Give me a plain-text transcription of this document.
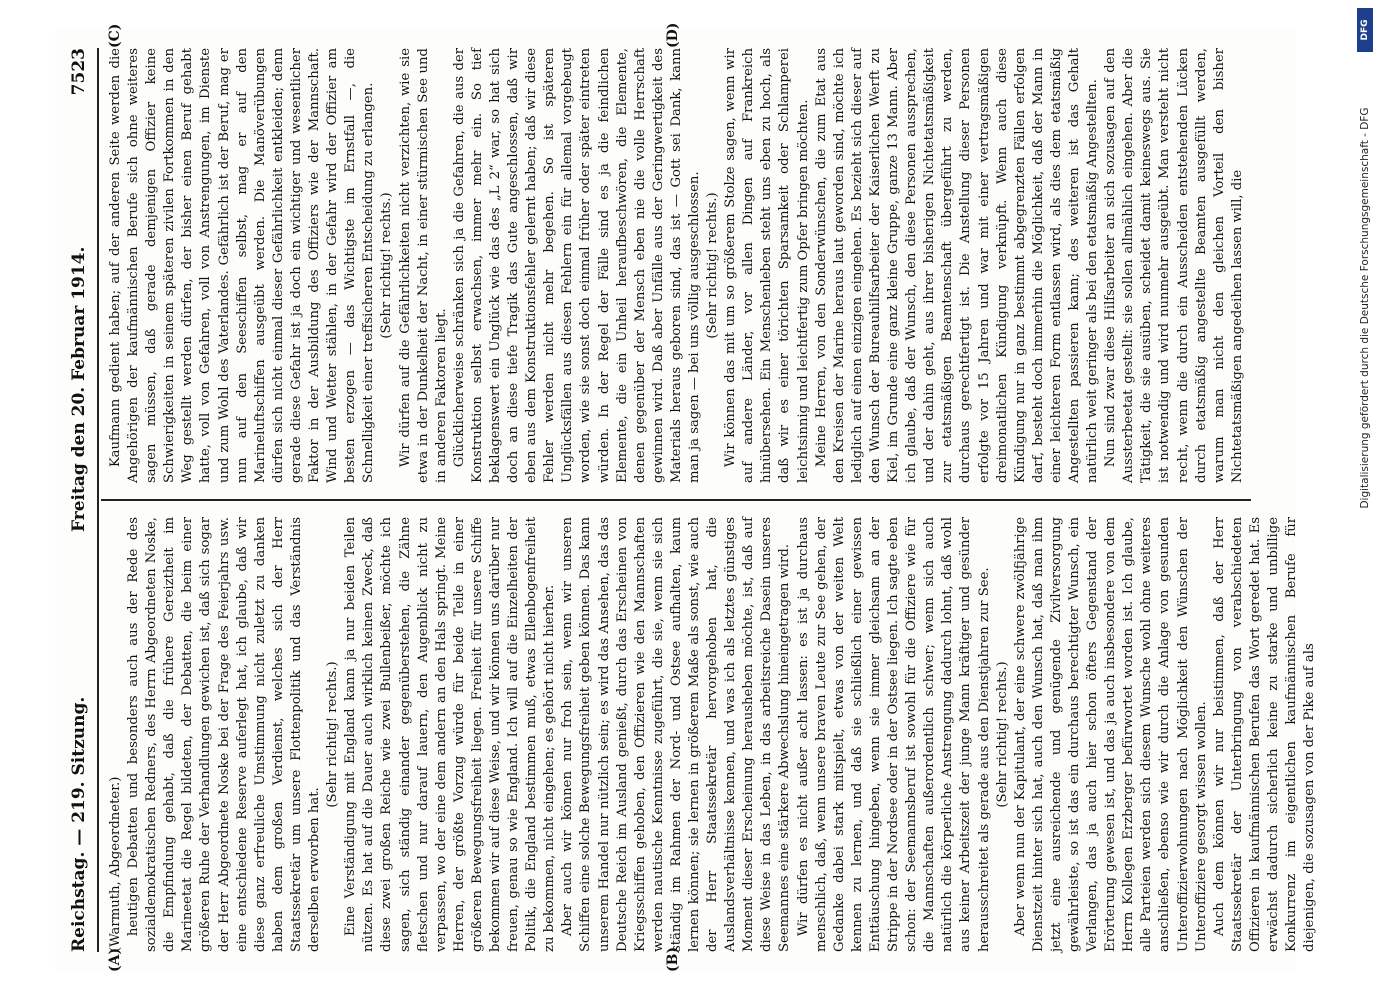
Reichstag. — 219. Sitzung.
Freitag den 20. Februar 1914.
7523
(A)	(B)
(C)	(D)

(Warmuth, Abgeordneter.) heutigen Debatten und besonders auch aus der Rede des sozialdemokratischen Redners, des Herrn Abgeordneten Noske, die Empfindung gehabt, daß die frühere Gereiztheit im Marineetat die Regel bildeten, der Debatten, die beim einer größeren Ruhe der Verhandlungen gewichen ist, daß sich sogar der Herr Abgeordnete Noske bei der Frage des Feierjahrs usw. eine entschiedene Reserve auferlegt hat, ich glaube, daß wir diese ganz erfreuliche Umstimmung nicht zuletzt zu danken haben dem großen Verdienst, welches sich der Herr Staatssekretär um unsere Flottenpolitik und das Verständnis derselben erworben hat.

(Sehr richtig! rechts.) Eine Verständigung mit England kann ja nur beiden Teilen nützen. Es hat auf die Dauer auch wirklich keinen Zweck, daß diese zwei großen Reiche wie zwei Bullenbeißer, möchte ich sagen, sich ständig einander gegenüberstehen, die Zähne fletschen und nur darauf lauern, den Augenblick nicht zu verpassen, wo der eine dem andern an den Hals springt. Meine Herren, der größte Vorzug würde für beide Teile in einer größeren Bewegungsfreiheit liegen. Freiheit für unsere Schiffe bekommen wir auf diese Weise, und wir können uns darüber nur freuen, genau so wie England. Ich will auf die Einzelheiten der Politik, die England bestimmen muß, etwas Ellenbogenfreiheit zu bekommen, nicht eingehen; es gehört nicht hierher. Aber auch wir können nur froh sein, wenn wir unseren Schiffen eine solche Bewegungsfreiheit geben können. Das kann unserem Handel nur nützlich sein; es wird das Ansehen, das das Deutsche Reich im Ausland genießt, durch das Erscheinen von Kriegsschiffen gehoben, den Offizieren wie den Mannschaften werden nautische Kenntnisse zugeführt, die sie, wenn sie sich ständig im Rahmen der Nord- und Ostsee aufhalten, kaum lernen können; sie lernen in größerem Maße als sonst, wie auch der Herr Staatssekretär hervorgehoben hat, die Auslandsverhältnisse kennen, und was ich als letztes günstiges Moment dieser Erscheinung herausheben möchte, ist, daß auf diese Weise in das Leben, in das arbeitsreiche Dasein unseres Seemannes eine stärkere Abwechslung hineingetragen wird. Wir dürfen es nicht außer acht lassen: es ist ja durchaus menschlich, daß, wenn unsere braven Leute zur See gehen, der Gedanke dabei stark mitspielt, etwas von der weiten Welt kennen zu lernen, und daß sie schließlich einer gewissen Enttäuschung hingeben, wenn sie immer gleichsam an der Strippe in der Nordsee oder in der Ostsee liegen. Ich sagte eben schon: der Seemannsberuf ist sowohl für die Offiziere wie für die Mannschaften außerordentlich schwer; wenn sich auch natürlich die körperliche Anstrengung dadurch lohnt, daß wohl aus keiner Arbeitszeit der junge Mann kräftiger und gesünder herausschreitet als gerade aus den Dienstjahren zur See. (Sehr richtig! rechts.) Aber wenn nun der Kapitulant, der eine schwere zwölfjährige Dienstzeit hinter sich hat, auch den Wunsch hat, daß man ihm jetzt eine ausreichende und genügende Zivilversorgung gewährleiste, so ist das ein durchaus berechtigter Wunsch, ein Verlangen, das ja auch hier schon öfters Gegenstand der Erörterung gewesen ist, und das ja auch insbesondere von dem Herrn Kollegen Erzberger befürwortet worden ist. Ich glaube, alle Parteien werden sich diesem Wunsche wohl ohne weiteres anschließen, ebenso wie wir durch die Anlage von gesunden Unteroffizierwohnungen nach Möglichkeit den Wünschen der Unteroffiziere gesorgt wissen wollen. Auch dem können wir nur beistimmen, daß der Herr Staatssekretär der Unterbringung von verabschiedeten Offizieren in kaufmännischen Berufen das Wort geredet hat. Es erwächst dadurch sicherlich keine zu starke und unbillige Konkurrenz im eigentlichen kaufmännischen Berufe für diejenigen, die sozusagen von der Pike auf als

Kaufmann gedient haben; auf der anderen Seite werden die Angehörigen der kaufmännischen Berufe sich ohne weiteres sagen müssen, daß gerade demjenigen Offizier keine Schwierigkeiten in seinem späteren zivilen Fortkommen in den Weg gestellt werden dürfen, der bisher einen Beruf gehabt hatte, voll von Gefahren, voll von Anstrengungen, im Dienste und zum Wohl des Vaterlandes. Gefährlich ist der Beruf, mag er nun auf den Seeschiffen selbst, mag er auf den Marineluftschiffen ausgeübt werden. Die Manöverübungen dürfen sich nicht einmal dieser Gefährlichkeit entkleiden; denn gerade diese Gefahr ist ja doch ein wichtiger und wesentlicher Faktor in der Ausbildung des Offiziers wie der Mannschaft. Wind und Wetter stählen, in der Gefahr wird der Offizier am besten erzogen — das Wichtigste im Ernstfall —, die Schnelligkeit einer treffsicheren Entscheidung zu erlangen. (Sehr richtig! rechts.) Wir dürfen auf die Gefährlichkeiten nicht verzichten, wie sie etwa in der Dunkelheit der Nacht, in einer stürmischen See und in anderen Faktoren liegt. Glücklicherweise schränken sich ja die Gefahren, die aus der Konstruktion selbst erwachsen, immer mehr ein. So tief beklagenswert ein Unglück wie das des „L 2“ war, so hat sich doch an diese tiefe Tragik das Gute angeschlossen, daß wir eben aus dem Konstruktionsfehler gelernt haben; daß wir diese Fehler werden nicht mehr begehen. So ist späteren Unglücksfällen aus diesen Fehlern ein für allemal vorgebeugt worden, wie sie sonst doch einmal früher oder später eintreten würden. In der Regel der Fälle sind es ja die feindlichen Elemente, die ein Unheil heraufbeschwören, die Elemente, denen gegenüber der Mensch eben nie die volle Herrschaft gewinnen wird. Daß aber Unfälle aus der Geringwertigkeit des Materials heraus geboren sind, das ist — Gott sei Dank, kann man ja sagen — bei uns völlig ausgeschlossen. (Sehr richtig! rechts.) Wir können das mit um so größerem Stolze sagen, wenn wir auf andere Länder, vor allen Dingen auf Frankreich hinübersehen. Ein Menschenleben steht uns eben zu hoch, als daß wir es einer törichten Sparsamkeit oder Schlamperei leichtsinnig und leichtfertig zum Opfer bringen möchten. Meine Herren, von den Sonderwünschen, die zum Etat aus den Kreisen der Marine heraus laut geworden sind, möchte ich lediglich auf einen einzigen eingehen. Es bezieht sich dieser auf den Wunsch der Bureauhilfsarbeiter der Kaiserlichen Werft zu Kiel, im Grunde eine ganz kleine Gruppe, ganze 13 Mann. Aber ich glaube, daß der Wunsch, den diese Personen aussprechen, und der dahin geht, aus ihrer bisherigen Nichtetatsmäßigkeit zur etatsmäßigen Beamtenschaft übergeführt zu werden, durchaus gerechtfertigt ist. Die Anstellung dieser Personen erfolgte vor 15 Jahren und war mit einer vertragsmäßigen dreimonatlichen Kündigung verknüpft. Wenn auch diese Kündigung nur in ganz bestimmt abgegrenzten Fällen erfolgen darf, besteht doch immerhin die Möglichkeit, daß der Mann in einer leichteren Form entlassen wird, als dies dem etatsmäßig Angestellten passieren kann; des weiteren ist das Gehalt natürlich weit geringer als bei den etatsmäßig Angestellten. Nun sind zwar diese Hilfsarbeiter an sich sozusagen auf den Aussterbeetat gestellt: sie sollen allmählich eingehen. Aber die Tätigkeit, die sie ausüben, scheidet damit keineswegs aus. Sie ist notwendig und wird nunmehr ausgeübt. Man versteht nicht recht, wenn die durch ein Ausscheiden entstehenden Lücken durch etatsmäßig angestellte Beamten ausgefüllt werden, warum man nicht den gleichen Vorteil den bisher Nichtetatsmäßigen angedeihen lassen will, die

DFG
Digitalisierung gefördert durch die Deutsche Forschungsgemeinschaft - DFG
